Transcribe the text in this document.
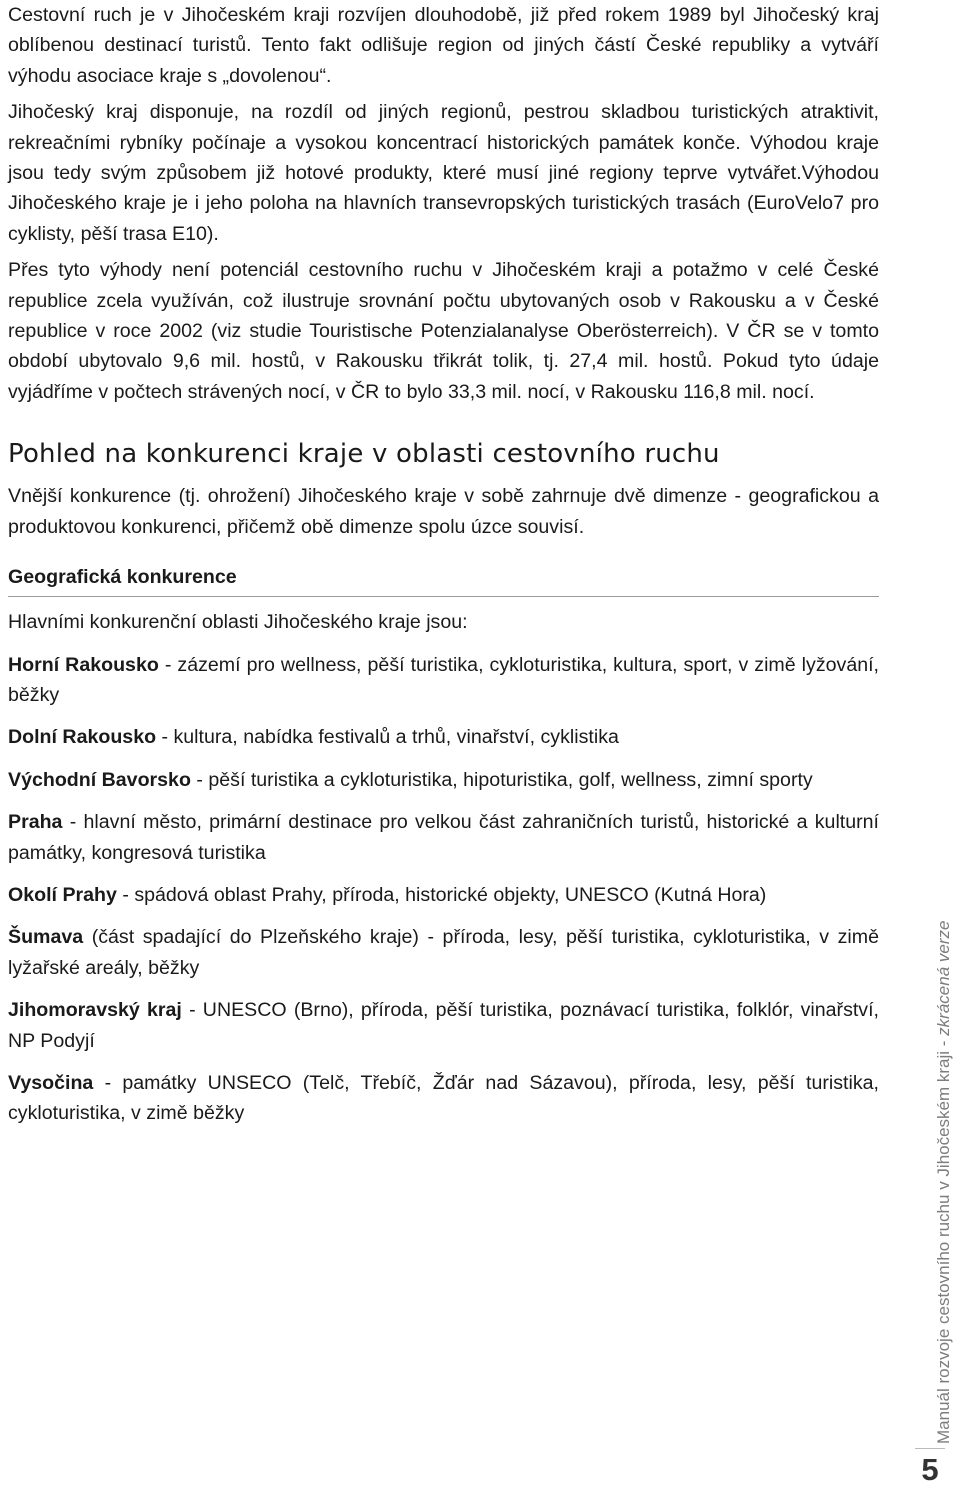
Cestovní ruch je v Jihočeském kraji rozvíjen dlouhodobě, již před rokem 1989 byl Jihočeský kraj oblíbenou destinací turistů. Tento fakt odlišuje region od jiných částí České republiky a vytváří výhodu asociace kraje s „dovolenou“.

Jihočeský kraj disponuje, na rozdíl od jiných regionů, pestrou skladbou turistických atraktivit, rekreačními rybníky počínaje a vysokou koncentrací historických památek konče. Výhodou kraje jsou tedy svým způsobem již hotové produkty, které musí jiné regiony teprve vytvářet.Výhodou Jihočeského kraje je i jeho poloha na hlavních transevropských turistických trasách (EuroVelo7 pro cyklisty, pěší trasa E10).

Přes tyto výhody není potenciál cestovního ruchu v Jihočeském kraji a potažmo v celé České republice zcela využíván, což ilustruje srovnání počtu ubytovaných osob v Rakousku a v České republice v roce 2002 (viz studie Touristische Potenzialanalyse Oberösterreich). V ČR se v tomto období ubytovalo 9,6 mil. hostů, v Rakousku třikrát tolik, tj. 27,4 mil. hostů. Pokud tyto údaje vyjádříme v počtech strávených nocí, v ČR to bylo 33,3 mil. nocí, v Rakousku 116,8 mil. nocí.

Pohled na konkurenci kraje v oblasti cestovního ruchu

Vnější konkurence (tj. ohrožení) Jihočeského kraje v sobě zahrnuje dvě dimenze - geografickou a produktovou konkurenci, přičemž obě dimenze spolu úzce souvisí.

Geografická konkurence

Hlavními konkurenční oblasti Jihočeského kraje jsou:

Horní Rakousko - zázemí pro wellness, pěší turistika, cykloturistika, kultura, sport, v zimě lyžování, běžky

Dolní Rakousko - kultura, nabídka festivalů a trhů, vinařství, cyklistika

Východní Bavorsko - pěší turistika a cykloturistika, hipoturistika, golf, wellness, zimní sporty

Praha - hlavní město, primární destinace pro velkou část zahraničních turistů, historické a kulturní památky, kongresová turistika

Okolí Prahy - spádová oblast Prahy, příroda, historické objekty, UNESCO (Kutná Hora)

Šumava (část spadající do Plzeňského kraje) - příroda, lesy, pěší turistika, cykloturistika, v zimě lyžařské areály, běžky

Jihomoravský kraj - UNESCO (Brno), příroda, pěší turistika, poznávací turistika, folklór, vinařství, NP Podyjí

Vysočina - památky UNSECO (Telč, Třebíč, Žďár nad Sázavou), příroda, lesy, pěší turistika, cykloturistika, v zimě běžky	Manuál rozvoje cestovního ruchu v Jihočeském kraji - zkrácená verze
5
